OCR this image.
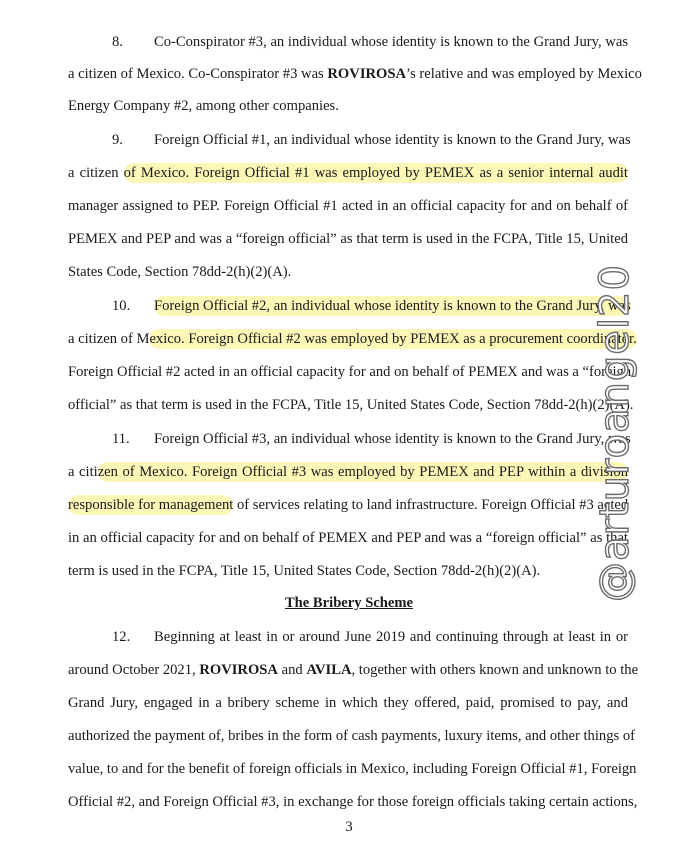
8. Co-Conspirator #3, an individual whose identity is known to the Grand Jury, was
a citizen of Mexico. Co-Conspirator #3 was ROVIROSA’s relative and was employed by Mexico
Energy Company #2, among other companies.
9. Foreign Official #1, an individual whose identity is known to the Grand Jury, was
a citizen of Mexico. Foreign Official #1 was employed by PEMEX as a senior internal audit
manager assigned to PEP. Foreign Official #1 acted in an official capacity for and on behalf of
PEMEX and PEP and was a “foreign official” as that term is used in the FCPA, Title 15, United
States Code, Section 78dd-2(h)(2)(A).
10. Foreign Official #2, an individual whose identity is known to the Grand Jury, was
a citizen of Mexico. Foreign Official #2 was employed by PEMEX as a procurement coordinator.
Foreign Official #2 acted in an official capacity for and on behalf of PEMEX and was a “foreign
official” as that term is used in the FCPA, Title 15, United States Code, Section 78dd-2(h)(2)(A).
11. Foreign Official #3, an individual whose identity is known to the Grand Jury, was
a citizen of Mexico. Foreign Official #3 was employed by PEMEX and PEP within a division
responsible for management of services relating to land infrastructure. Foreign Official #3 acted
in an official capacity for and on behalf of PEMEX and PEP and was a “foreign official” as that
term is used in the FCPA, Title 15, United States Code, Section 78dd-2(h)(2)(A).
The Bribery Scheme
12. Beginning at least in or around June 2019 and continuing through at least in or
around October 2021, ROVIROSA and AVILA, together with others known and unknown to the
Grand Jury, engaged in a bribery scheme in which they offered, paid, promised to pay, and
authorized the payment of, bribes in the form of cash payments, luxury items, and other things of
value, to and for the benefit of foreign officials in Mexico, including Foreign Official #1, Foreign
Official #2, and Foreign Official #3, in exchange for those foreign officials taking certain actions,
3
@arturoangel20
